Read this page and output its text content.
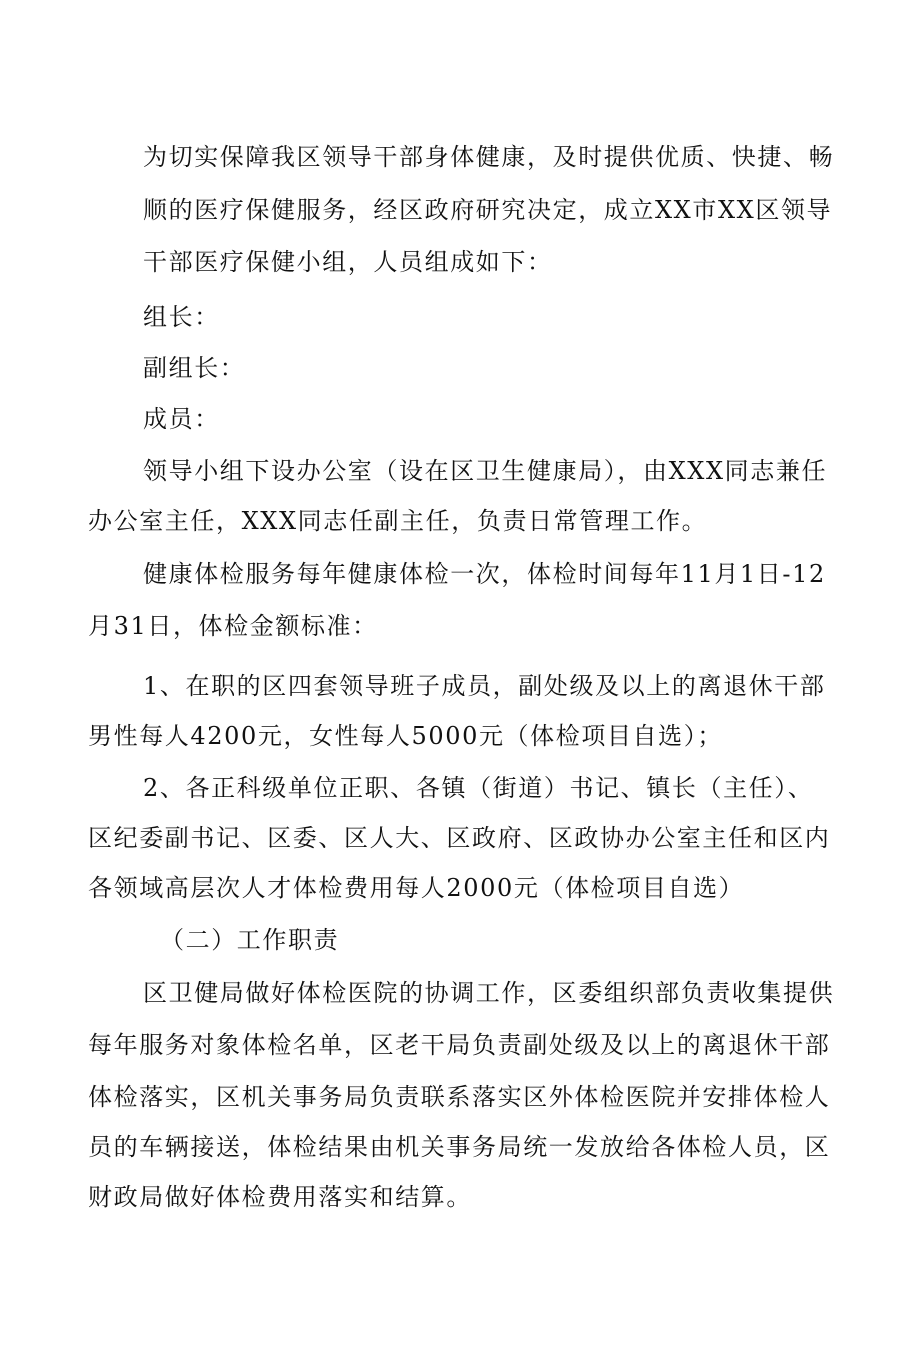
为切实保障我区领导干部身体健康，及时提供优质、快捷、畅
顺的医疗保健服务，经区政府研究决定，成立XX市XX区领导
干部医疗保健小组，人员组成如下：
组长：
副组长：
成员：
领导小组下设办公室（设在区卫生健康局），由XXX同志兼任
办公室主任，XXX同志任副主任，负责日常管理工作。
健康体检服务每年健康体检一次，体检时间每年11月1日-12
月31日，体检金额标准：
1、在职的区四套领导班子成员，副处级及以上的离退休干部
男性每人4200元，女性每人5000元（体检项目自选）；
2、各正科级单位正职、各镇（街道）书记、镇长（主任）、
区纪委副书记、区委、区人大、区政府、区政协办公室主任和区内
各领域高层次人才体检费用每人2000元（体检项目自选）
（二）工作职责
区卫健局做好体检医院的协调工作，区委组织部负责收集提供
每年服务对象体检名单，区老干局负责副处级及以上的离退休干部
体检落实，区机关事务局负责联系落实区外体检医院并安排体检人
员的车辆接送，体检结果由机关事务局统一发放给各体检人员，区
财政局做好体检费用落实和结算。
